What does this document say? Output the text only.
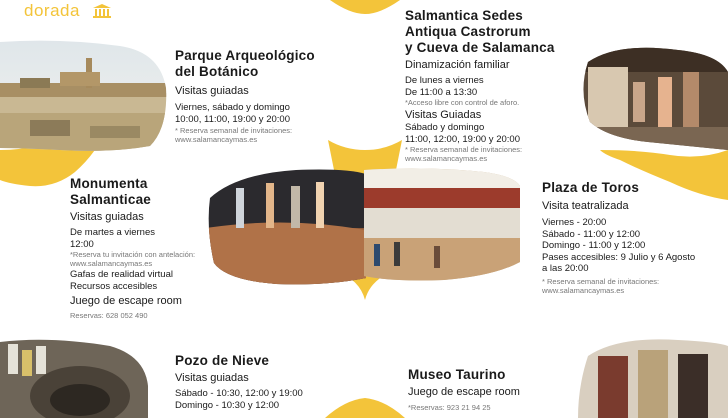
dorada
Parque Arqueológico
del Botánico
Visitas guiadas
Viernes, sábado y domingo
10:00, 11:00, 19:00 y 20:00
* Reserva semanal de invitaciones:
www.salamancaymas.es
Salmantica Sedes
Antiqua Castrorum
y Cueva de Salamanca
Dinamización familiar
De lunes a viernes
De 11:00 a 13:30
*Acceso libre con control de aforo.
Visitas Guiadas
Sábado y domingo
11:00, 12:00, 19:00 y 20:00
* Reserva semanal de invitaciones:
www.salamancaymas.es
Monumenta
Salmanticae
Visitas guiadas
De martes a viernes
12:00
*Reserva tu invitación con antelación:
www.salamancaymas.es
Gafas de realidad virtual
Recursos accesibles
Juego de escape room
Reservas: 628 052 490
Plaza de Toros
Visita teatralizada
Viernes - 20:00
Sábado - 11:00 y 12:00
Domingo - 11:00 y 12:00
Pases accesibles: 9 Julio y 6 Agosto
a las 20:00
* Reserva semanal de invitaciones:
www.salamancaymas.es
Pozo de Nieve
Visitas guiadas
Sábado - 10:30, 12:00 y 19:00
Domingo - 10:30 y 12:00
Museo Taurino
Juego de escape room
*Reservas: 923 21 94 25
